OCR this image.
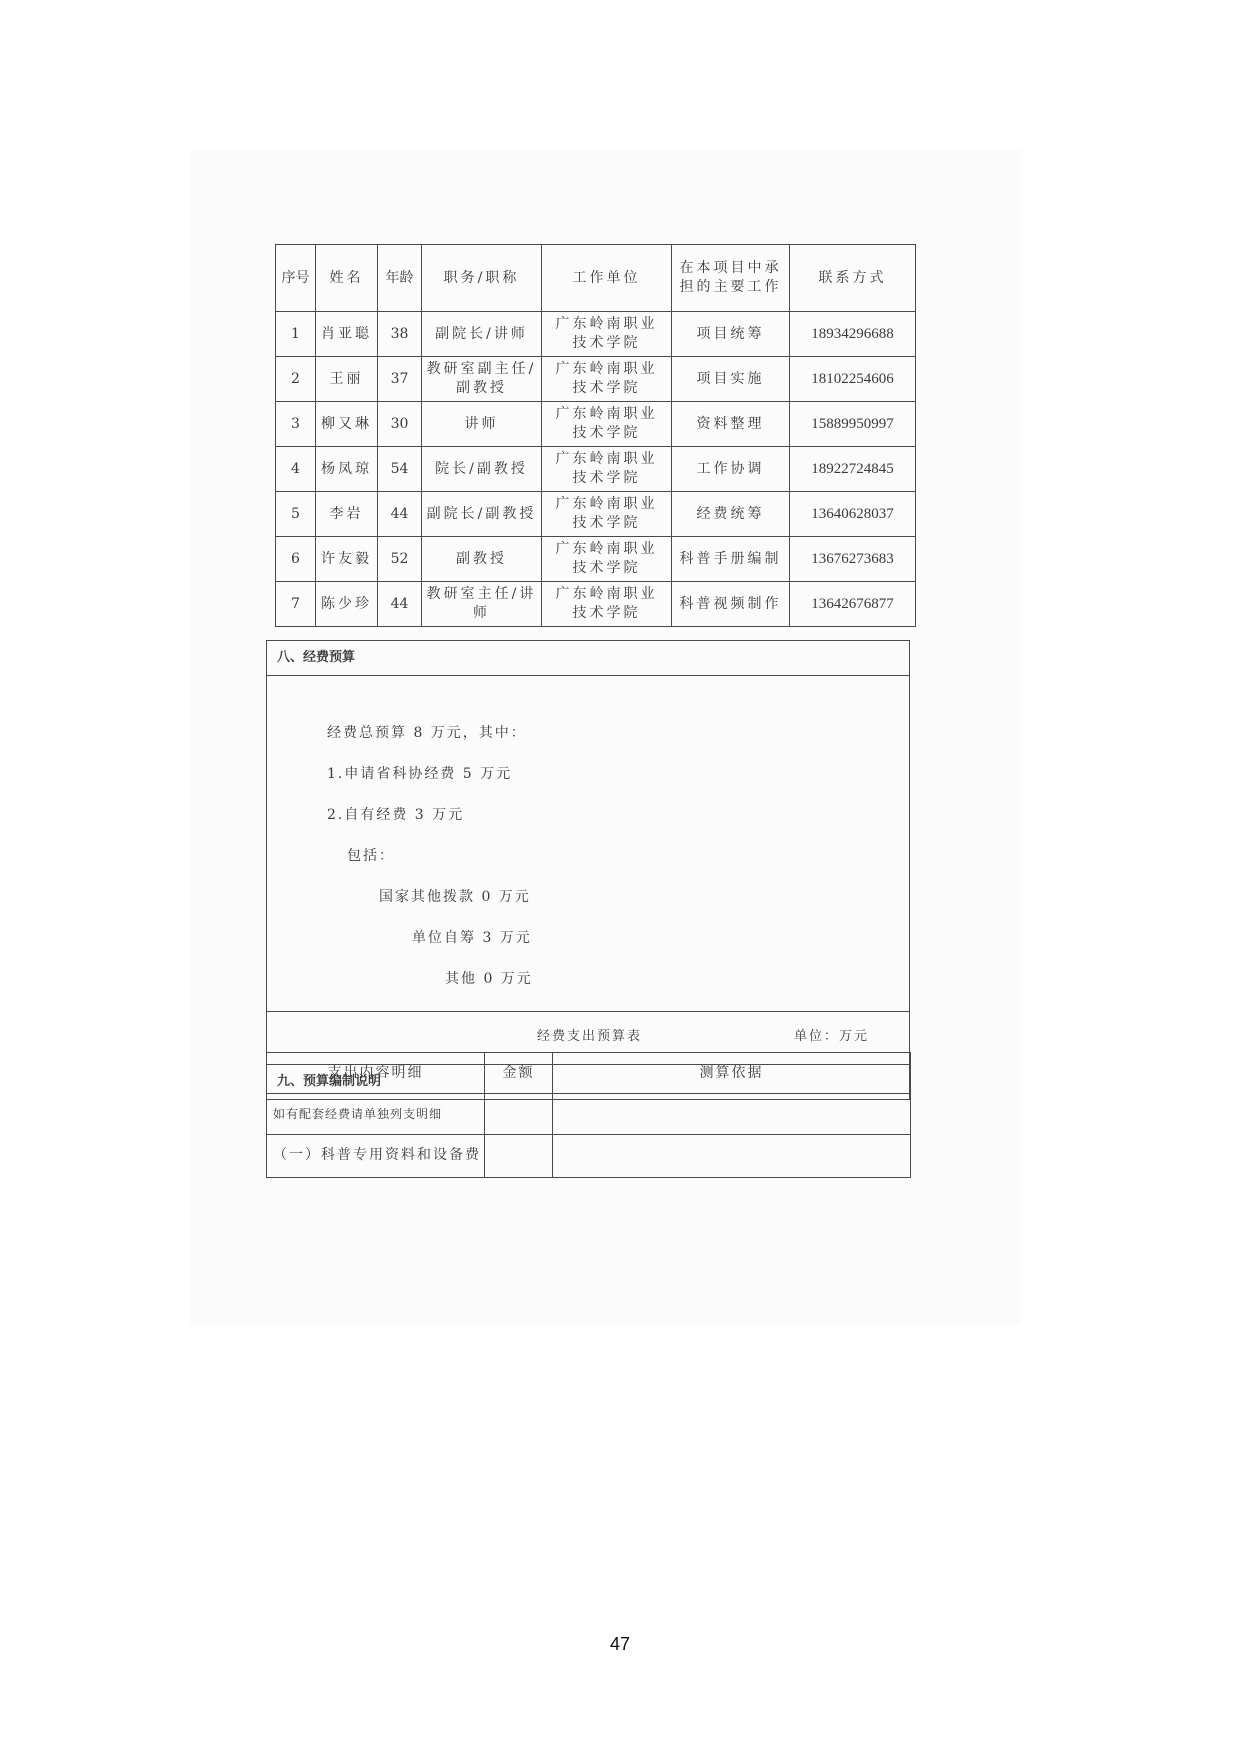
序号	姓名	年龄	职务/职称	工作单位	在本项目中承担的主要工作	联系方式
1	肖亚聪	38	副院长/讲师	广东岭南职业技术学院	项目统筹	18934296688
2	王丽	37	教研室副主任/副教授	广东岭南职业技术学院	项目实施	18102254606
3	柳又琳	30	讲师	广东岭南职业技术学院	资料整理	15889950997
4	杨凤琼	54	院长/副教授	广东岭南职业技术学院	工作协调	18922724845
5	李岩	44	副院长/副教授	广东岭南职业技术学院	经费统筹	13640628037
6	许友毅	52	副教授	广东岭南职业技术学院	科普手册编制	13676273683
7	陈少珍	44	教研室主任/讲师	广东岭南职业技术学院	科普视频制作	13642676877
八、经费预算

经费总预算 8 万元，其中：
1.申请省科协经费 5 万元
2.自有经费 3 万元
包括：
国家其他拨款 0 万元
单位自筹 3 万元
其他 0 万元

经费支出预算表	单位：万元

九、预算编制说明
支出内容明细	金额	测算依据
如有配套经费请单独列支明细		
（一）科普专用资料和设备费		
47
